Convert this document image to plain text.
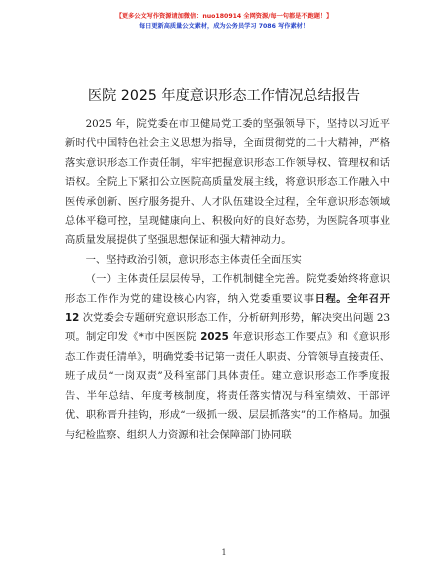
【更多公文写作资源请加微信：nuo180914 全网资源/每一句都是不跑题！】
每日更新高质量公文素材，成为公务员学习 7086 写作素材！
医院 2025 年度意识形态工作情况总结报告

2025 年，院党委在市卫健局党工委的坚强领导下，坚持以习近平新时代中国特色社会主义思想为指导，全面贯彻党的二十大精神，严格落实意识形态工作责任制，牢牢把握意识形态工作领导权、管理权和话语权。全院上下紧扣公立医院高质量发展主线，将意识形态工作融入中医传承创新、医疗服务提升、人才队伍建设全过程，全年意识形态领域总体平稳可控，呈现健康向上、积极向好的良好态势，为医院各项事业高质量发展提供了坚强思想保证和强大精神动力。

一、坚持政治引领，意识形态主体责任全面压实

（一）主体责任层层传导，工作机制健全完善。院党委始终将意识形态工作作为党的建设核心内容，纳入党委重要议事日程。全年召开 12 次党委会专题研究意识形态工作，分析研判形势，解决突出问题 23 项。制定印发《*市中医医院 2025 年意识形态工作要点》和《意识形态工作责任清单》，明确党委书记第一责任人职责、分管领导直接责任、班子成员“一岗双责”及科室部门具体责任。建立意识形态工作季度报告、半年总结、年度考核制度，将责任落实情况与科室绩效、干部评优、职称晋升挂钩，形成“一级抓一级、层层抓落实”的工作格局。加强与纪检监察、组织人力资源和社会保障部门协同联

1
